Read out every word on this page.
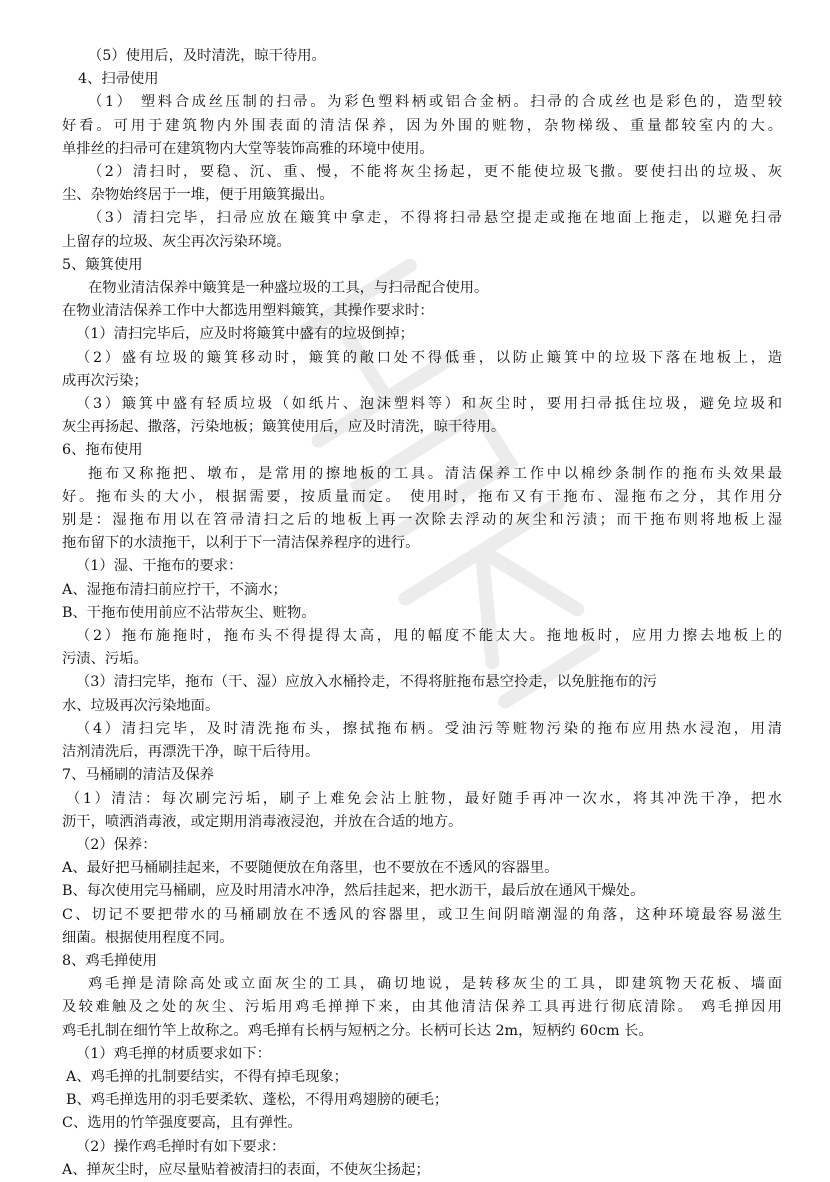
（5）使用后，及时清洗，晾干待用。
4、扫帚使用
（1） 塑料合成丝压制的扫帚。为彩色塑料柄或铝合金柄。扫帚的合成丝也是彩色的，造型较
好看。可用于建筑物内外围表面的清洁保养，因为外围的赃物，杂物梯级、重量都较室内的大。
单排丝的扫帚可在建筑物内大堂等装饰高雅的环境中使用。
（2）清扫时，要稳、沉、重、慢，不能将灰尘扬起，更不能使垃圾飞撒。要使扫出的垃圾、灰
尘、杂物始终居于一堆，便于用簸箕撮出。
（3）清扫完毕，扫帚应放在簸箕中拿走，不得将扫帚悬空提走或拖在地面上拖走，以避免扫帚
上留存的垃圾、灰尘再次污染环境。
5、簸箕使用
在物业清洁保养中簸箕是一种盛垃圾的工具，与扫帚配合使用。
在物业清洁保养工作中大都选用塑料簸箕，其操作要求时：
（1）清扫完毕后，应及时将簸箕中盛有的垃圾倒掉；
（2）盛有垃圾的簸箕移动时，簸箕的敞口处不得低垂，以防止簸箕中的垃圾下落在地板上，造
成再次污染；
（3）簸箕中盛有轻质垃圾（如纸片、泡沫塑料等）和灰尘时，要用扫帚抵住垃圾，避免垃圾和
灰尘再扬起、撒落，污染地板；簸箕使用后，应及时清洗，晾干待用。
6、拖布使用
拖布又称拖把、墩布，是常用的擦地板的工具。清洁保养工作中以棉纱条制作的拖布头效果最
好。拖布头的大小，根据需要，按质量而定。 使用时，拖布又有干拖布、湿拖布之分，其作用分
别是：湿拖布用以在笤帚清扫之后的地板上再一次除去浮动的灰尘和污渍；而干拖布则将地板上湿
拖布留下的水渍拖干，以利于下一清洁保养程序的进行。
（1）湿、干拖布的要求：
A、湿拖布清扫前应拧干，不滴水；
B、干拖布使用前应不沾带灰尘、赃物。
（2）拖布施拖时，拖布头不得提得太高，甩的幅度不能太大。拖地板时，应用力擦去地板上的
污渍、污垢。
（3）清扫完毕，拖布（干、湿）应放入水桶拎走，不得将脏拖布悬空拎走，以免脏拖布的污
水、垃圾再次污染地面。
（4）清扫完毕，及时清洗拖布头，擦拭拖布柄。受油污等赃物污染的拖布应用热水浸泡，用清
洁剂清洗后，再漂洗干净，晾干后待用。
7、马桶刷的清洁及保养
（1）清洁：每次刷完污垢，刷子上难免会沾上脏物，最好随手再冲一次水，将其冲洗干净，把水
沥干，喷洒消毒液，或定期用消毒液浸泡，并放在合适的地方。
（2）保养：
A、最好把马桶刷挂起来，不要随便放在角落里，也不要放在不透风的容器里。
B、每次使用完马桶刷，应及时用清水冲净，然后挂起来，把水沥干，最后放在通风干燥处。
C、切记不要把带水的马桶刷放在不透风的容器里，或卫生间阴暗潮湿的角落，这种环境最容易滋生
细菌。根据使用程度不同。
8、鸡毛掸使用
鸡毛掸是清除高处或立面灰尘的工具，确切地说，是转移灰尘的工具，即建筑物天花板、墙面
及较难触及之处的灰尘、污垢用鸡毛掸掸下来，由其他清洁保养工具再进行彻底清除。 鸡毛掸因用
鸡毛扎制在细竹竿上故称之。鸡毛掸有长柄与短柄之分。长柄可长达 2m，短柄约 60cm 长。
（1）鸡毛掸的材质要求如下：
A、鸡毛掸的扎制要结实，不得有掉毛现象；
B、鸡毛掸选用的羽毛要柔软、蓬松，不得用鸡翅膀的硬毛；
C、选用的竹竿强度要高，且有弹性。
（2）操作鸡毛掸时有如下要求：
A、掸灰尘时，应尽量贴着被清扫的表面，不使灰尘扬起；
